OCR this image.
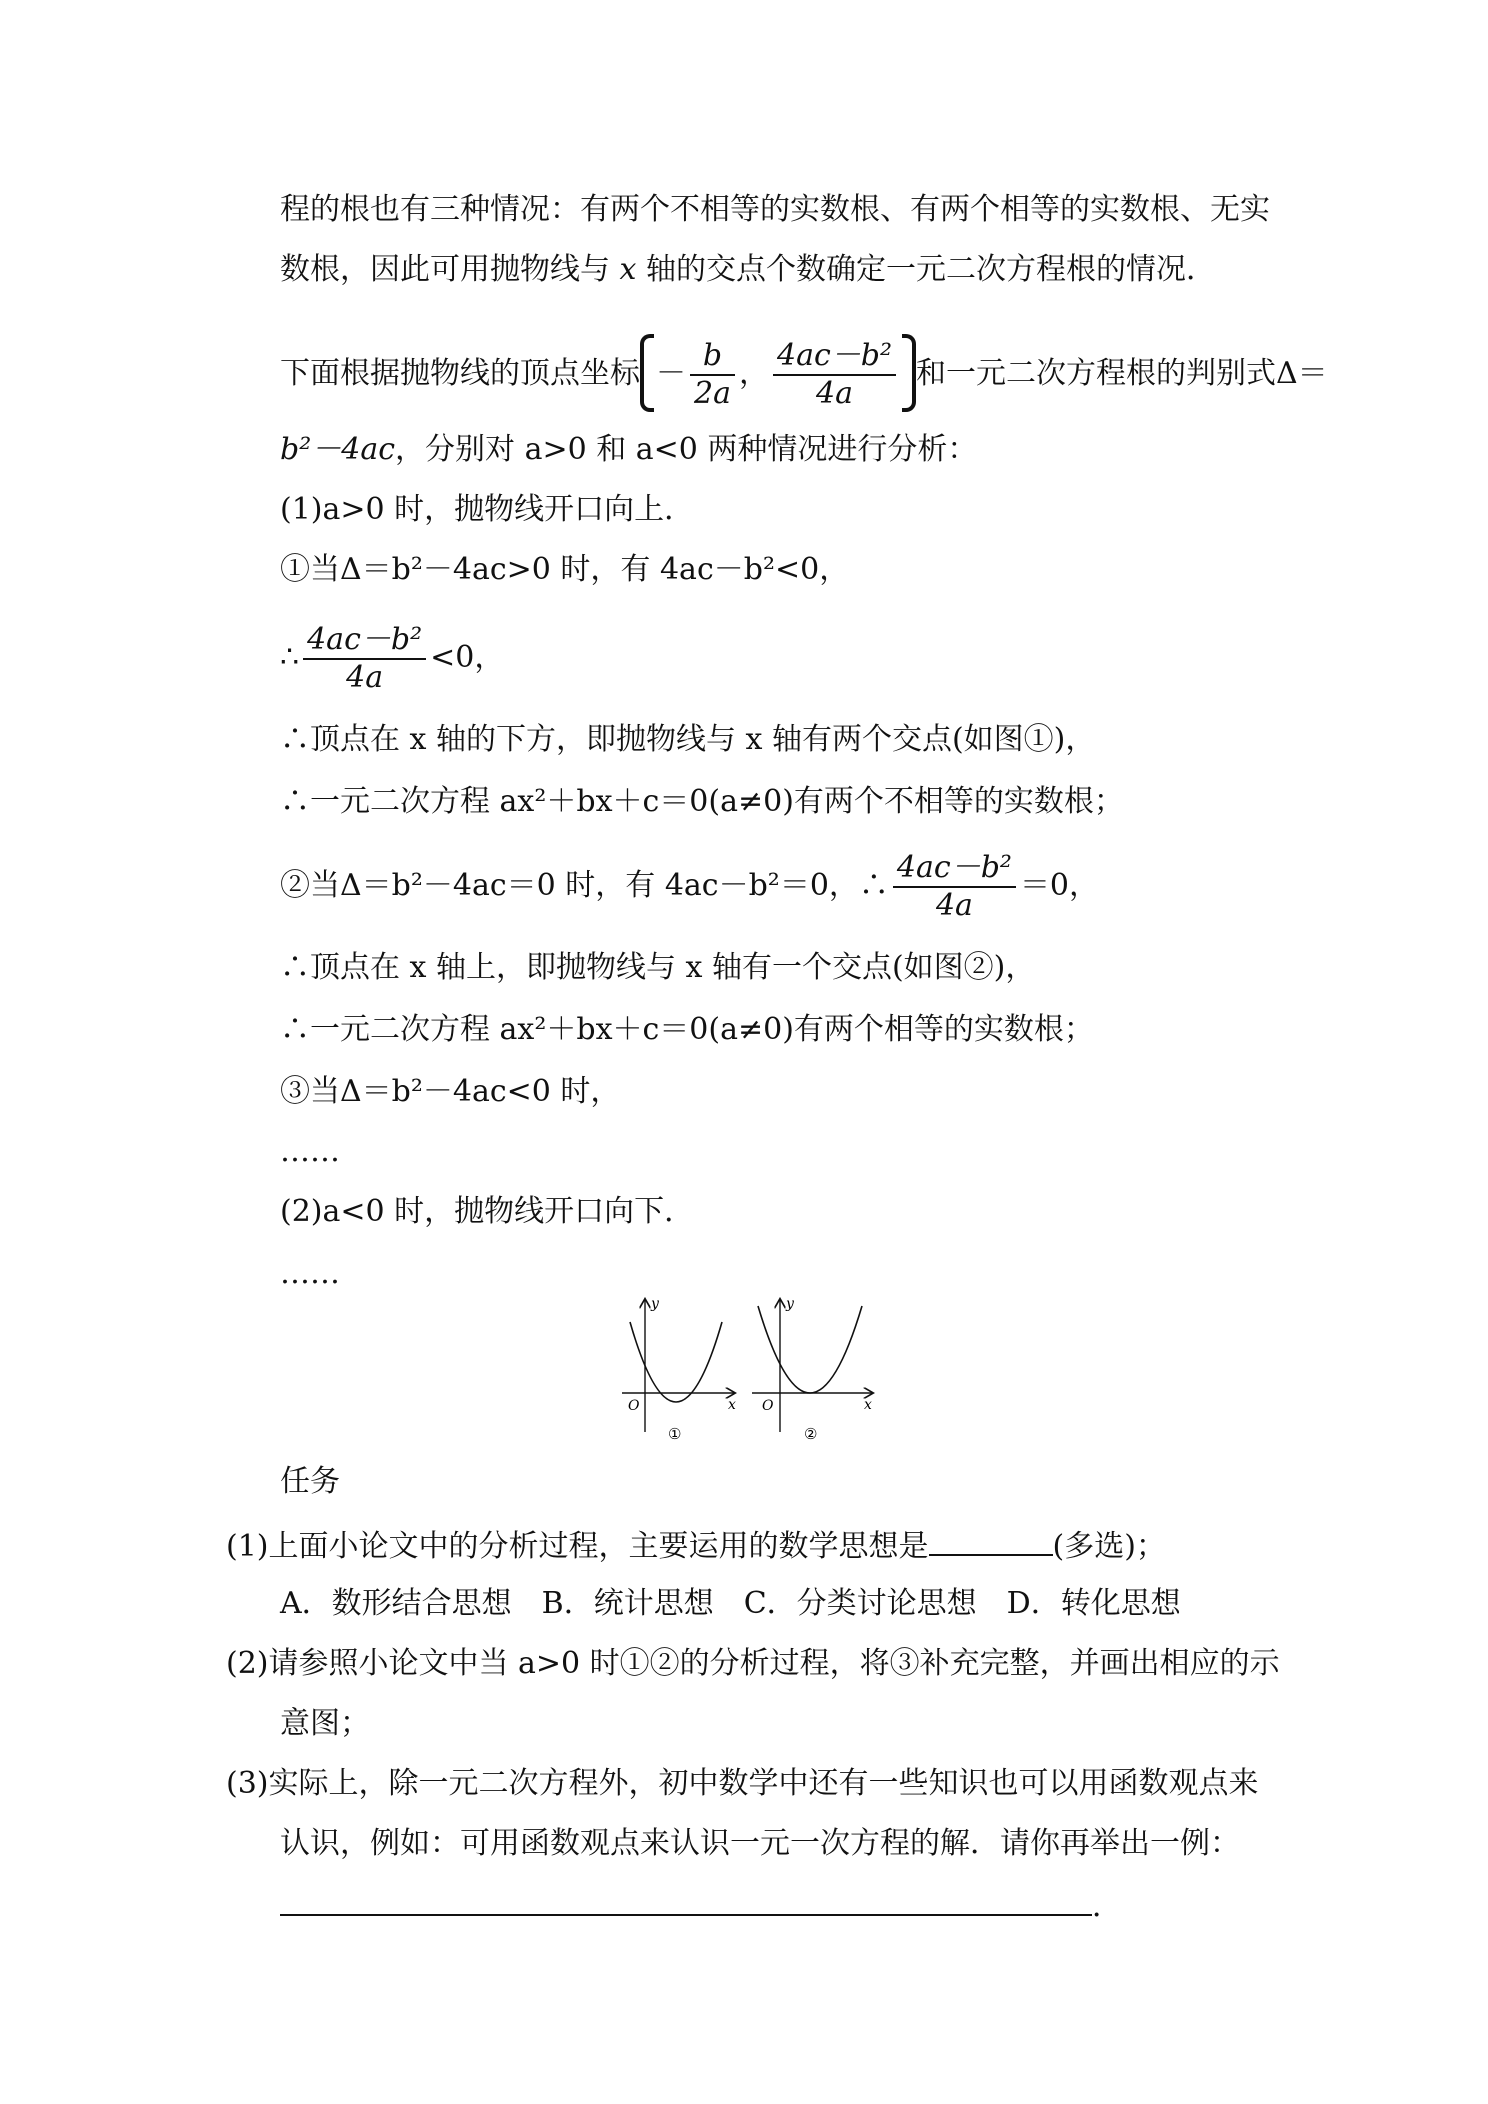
程的根也有三种情况：有两个不相等的实数根、有两个相等的实数根、无实
数根，因此可用抛物线与 x 轴的交点个数确定一元二次方程根的情况．
下面根据抛物线的顶点坐标 － $\frac{b}{2a}$ ， $\frac{\text{4ac－b²}}{4a}$ 和一元二次方程根的判别式Δ＝
b²－4ac，分别对 a>0 和 a<0 两种情况进行分析：
(1)a>0 时，抛物线开口向上．
①当Δ＝b²－4ac>0 时，有 4ac－b²<0，
∴ $\frac{\text{4ac－b²}}{4a} <0$，
∴顶点在 x 轴的下方，即抛物线与 x 轴有两个交点(如图①)，
∴一元二次方程 ax²＋bx＋c＝0(a≠0)有两个不相等的实数根；
②当Δ＝b²－4ac＝0 时，有 4ac－b²＝0，∴ $\frac{\text{4ac－b²}}{4a} =0$，
∴顶点在 x 轴上，即抛物线与 x 轴有一个交点(如图②)，
∴一元二次方程 ax²＋bx＋c＝0(a≠0)有两个相等的实数根；
③当Δ＝b²－4ac<0 时，
……
(2)a<0 时，抛物线开口向下．
……
y
x
O
①
y
x
O
②
任务
(1)上面小论文中的分析过程，主要运用的数学思想是	(多选)；
A．数形结合思想　B．统计思想　C．分类讨论思想　D．转化思想
(2)请参照小论文中当 a>0 时①②的分析过程，将③补充完整，并画出相应的示
意图；
(3)实际上，除一元二次方程外，初中数学中还有一些知识也可以用函数观点来
认识，例如：可用函数观点来认识一元一次方程的解．请你再举出一例：
．
